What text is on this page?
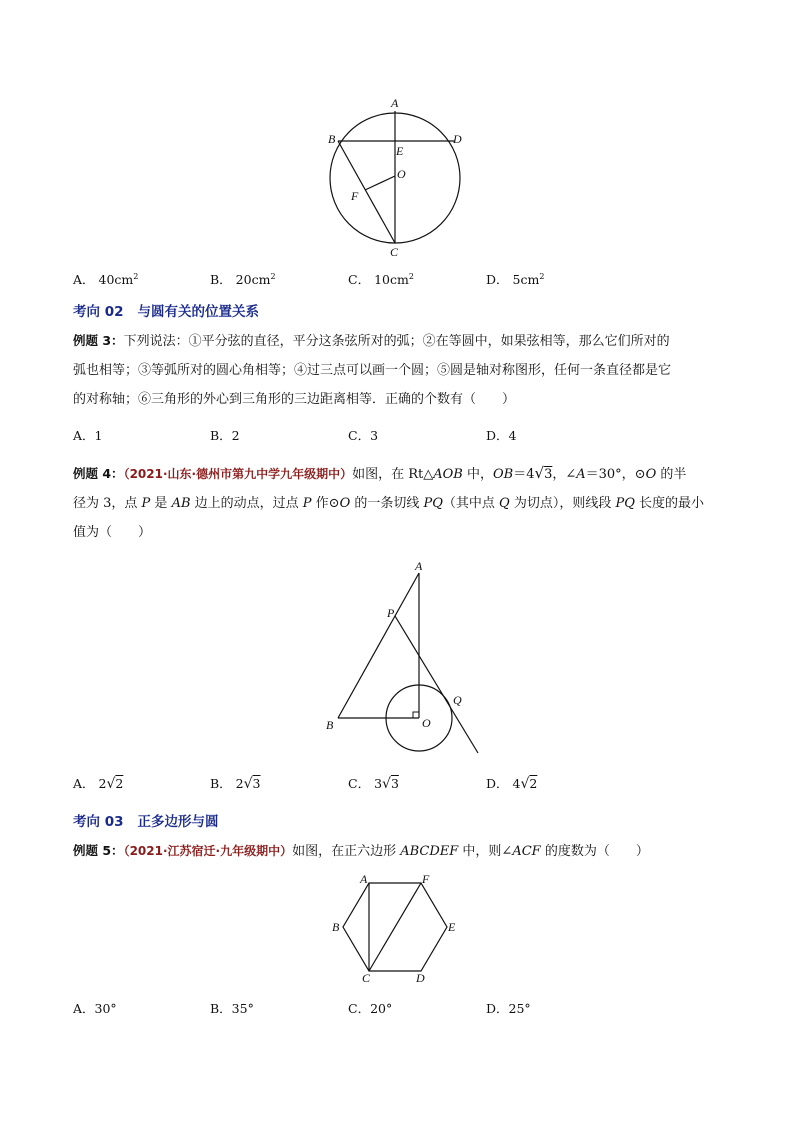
A
B	D
E
O
F
C
A． $40cm^2$	B． $20cm^2$	C． $10cm^2$	D． $5cm^2$
考向 02 与圆有关的位置关系
例题 3：下列说法：①平分弦的直径，平分这条弦所对的弧；②在等圆中，如果弦相等，那么它们所对的
弧也相等；③等弧所对的圆心角相等；④过三点可以画一个圆；⑤圆是轴对称图形，任何一条直径都是它
的对称轴；⑥三角形的外心到三角形的三边距离相等．正确的个数有（　　）
A．1	B．2	C．3	D．4
例题 4：（2021·山东·德州市第九中学九年级期中）如图，在 Rt△AOB 中，OB＝4√3，∠A＝30°，⊙O 的半
径为 3，点 P 是 AB 边上的动点，过点 P 作⊙O 的一条切线 PQ（其中点 Q 为切点），则线段 PQ 长度的最小
值为（　　）
A
P
Q
B	O
A． 2√2	B． 2√3	C． 3√3	D． 4√2
考向 03 正多边形与圆
例题 5：（2021·江苏宿迁·九年级期中）如图，在正六边形 ABCDEF 中，则∠ACF 的度数为（　　）
A	F
B	E
C	D
A．30°	B．35°	C．20°	D．25°
